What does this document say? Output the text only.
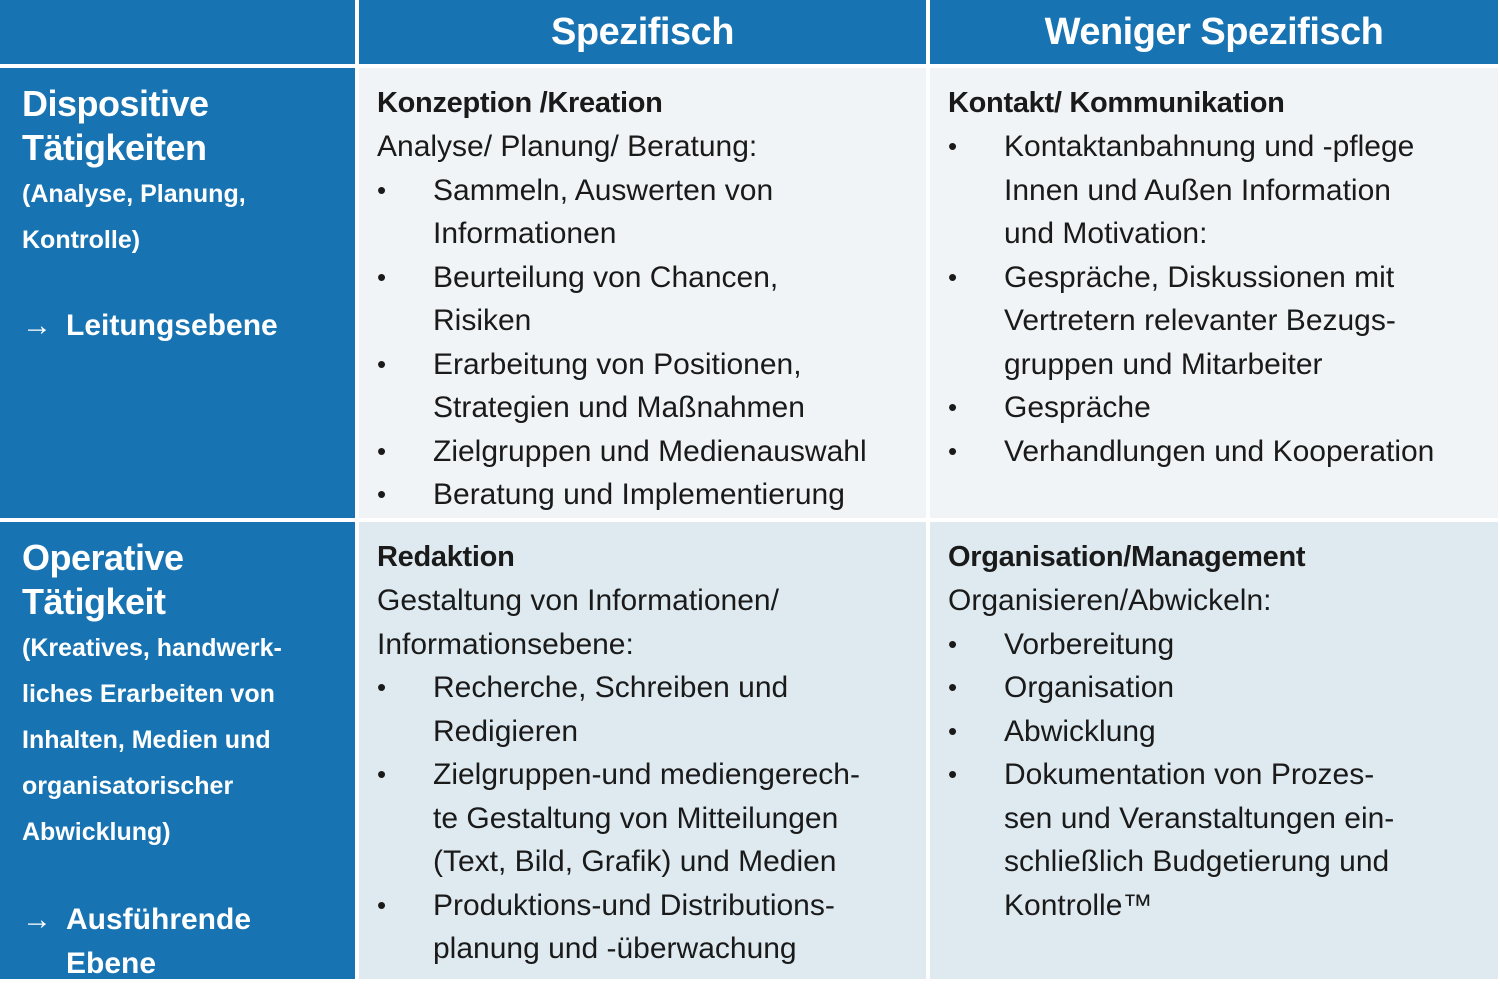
Spezifisch	Weniger Spezifisch
Dispositive
Tätigkeiten
(Analyse, Planung,
Kontrolle)
→ Leitungsebene
Konzeption /Kreation
Analyse/ Planung/ Beratung:
• Sammeln, Auswerten von
Informationen
• Beurteilung von Chancen,
Risiken
• Erarbeitung von Positionen,
Strategien und Maßnahmen
• Zielgruppen und Medienauswahl
• Beratung und Implementierung
Kontakt/ Kommunikation
• Kontaktanbahnung und -pflege
Innen und Außen Information
und Motivation:
• Gespräche, Diskussionen mit
Vertretern relevanter Bezugs-
gruppen und Mitarbeiter
• Gespräche
• Verhandlungen und Kooperation
Operative
Tätigkeit
(Kreatives, handwerk-
liches Erarbeiten von
Inhalten, Medien und
organisatorischer
Abwicklung)
→ Ausführende
Ebene
Redaktion
Gestaltung von Informationen/
Informationsebene:
• Recherche, Schreiben und
Redigieren
• Zielgruppen-und mediengerech-
te Gestaltung von Mitteilungen
(Text, Bild, Grafik) und Medien
• Produktions-und Distributions-
planung und -überwachung
Organisation/Management
Organisieren/Abwickeln:
• Vorbereitung
• Organisation
• Abwicklung
• Dokumentation von Prozes-
sen und Veranstaltungen ein-
schließlich Budgetierung und
Kontrolle™
